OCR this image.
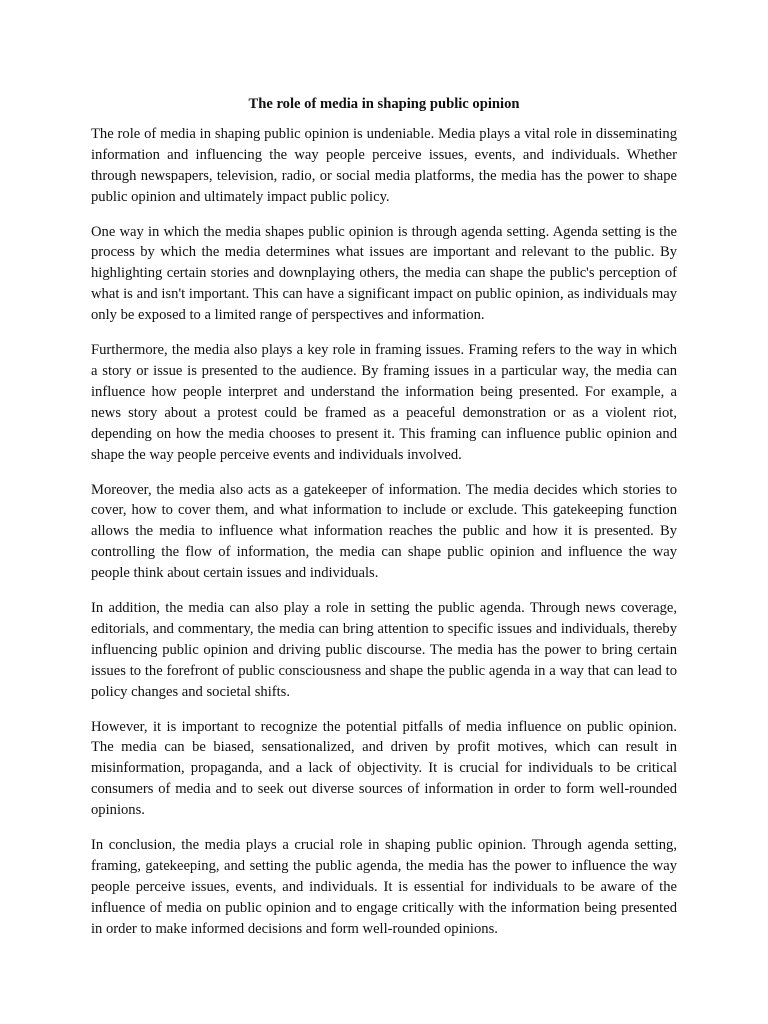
The role of media in shaping public opinion

The role of media in shaping public opinion is undeniable. Media plays a vital role in disseminating information and influencing the way people perceive issues, events, and individuals. Whether through newspapers, television, radio, or social media platforms, the media has the power to shape public opinion and ultimately impact public policy.

One way in which the media shapes public opinion is through agenda setting. Agenda setting is the process by which the media determines what issues are important and relevant to the public. By highlighting certain stories and downplaying others, the media can shape the public's perception of what is and isn't important. This can have a significant impact on public opinion, as individuals may only be exposed to a limited range of perspectives and information.

Furthermore, the media also plays a key role in framing issues. Framing refers to the way in which a story or issue is presented to the audience. By framing issues in a particular way, the media can influence how people interpret and understand the information being presented. For example, a news story about a protest could be framed as a peaceful demonstration or as a violent riot, depending on how the media chooses to present it. This framing can influence public opinion and shape the way people perceive events and individuals involved.

Moreover, the media also acts as a gatekeeper of information. The media decides which stories to cover, how to cover them, and what information to include or exclude. This gatekeeping function allows the media to influence what information reaches the public and how it is presented. By controlling the flow of information, the media can shape public opinion and influence the way people think about certain issues and individuals.

In addition, the media can also play a role in setting the public agenda. Through news coverage, editorials, and commentary, the media can bring attention to specific issues and individuals, thereby influencing public opinion and driving public discourse. The media has the power to bring certain issues to the forefront of public consciousness and shape the public agenda in a way that can lead to policy changes and societal shifts.

However, it is important to recognize the potential pitfalls of media influence on public opinion. The media can be biased, sensationalized, and driven by profit motives, which can result in misinformation, propaganda, and a lack of objectivity. It is crucial for individuals to be critical consumers of media and to seek out diverse sources of information in order to form well-rounded opinions.

In conclusion, the media plays a crucial role in shaping public opinion. Through agenda setting, framing, gatekeeping, and setting the public agenda, the media has the power to influence the way people perceive issues, events, and individuals. It is essential for individuals to be aware of the influence of media on public opinion and to engage critically with the information being presented in order to make informed decisions and form well-rounded opinions.
